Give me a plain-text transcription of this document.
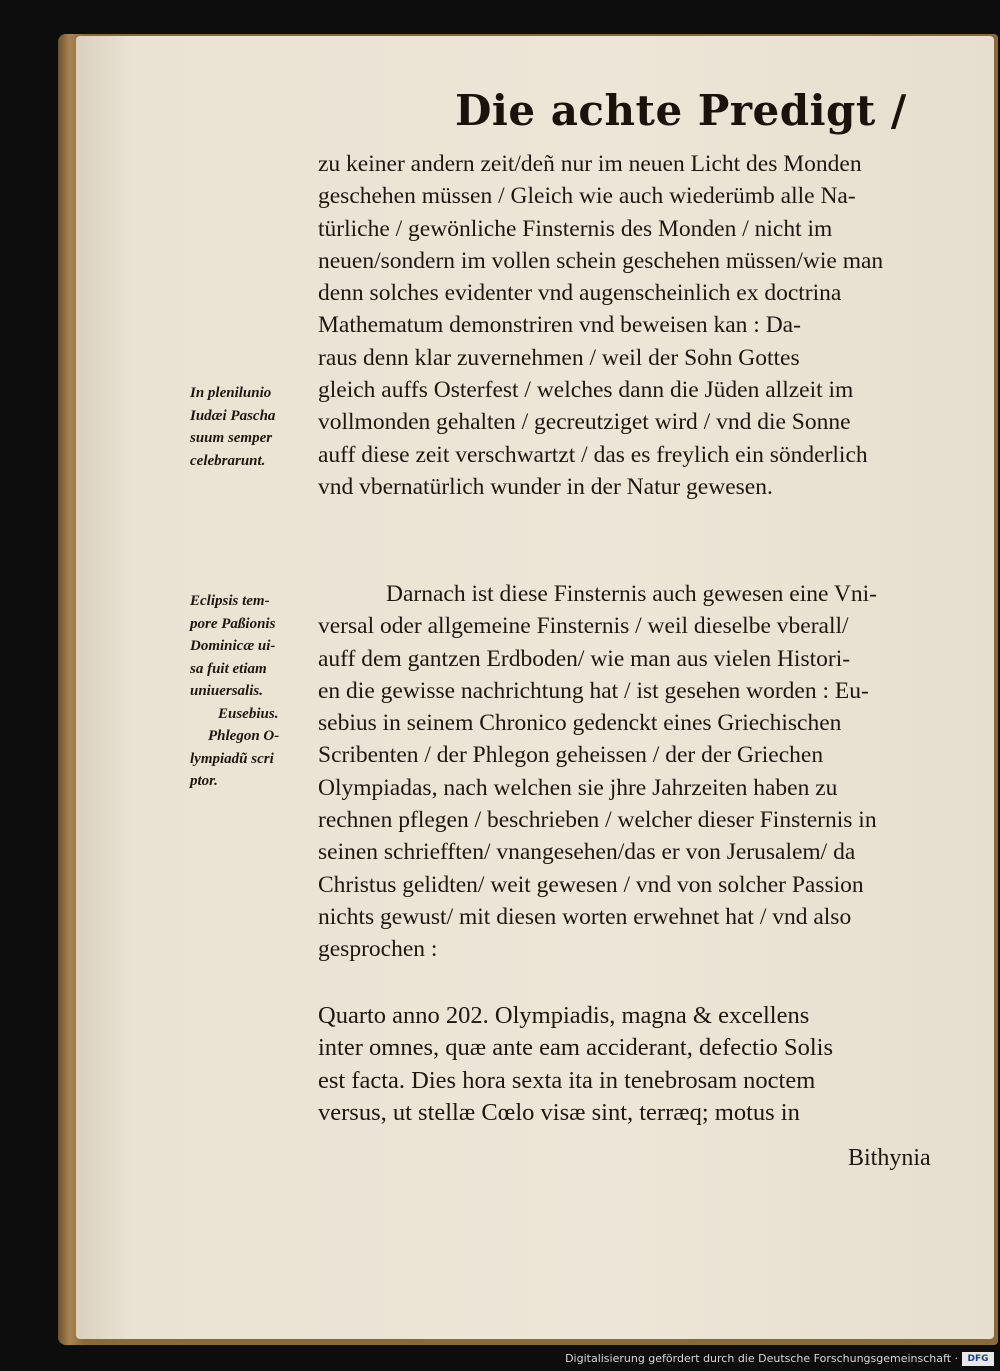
Die achte Predigt /
zu keiner andern zeit/deñ nur im neuen Licht des Monden
geschehen müssen / Gleich wie auch wiederümb alle Na-
türliche / gewönliche Finsternis des Monden / nicht im
neuen/sondern im vollen schein geschehen müssen/wie man
denn solches evidenter vnd augenscheinlich ex doctrina
Mathematum demonstriren vnd beweisen kan : Da-
raus denn klar zuvernehmen / weil der Sohn Gottes
gleich auffs Osterfest / welches dann die Jüden allzeit im
vollmonden gehalten / gecreutziget wird / vnd die Sonne
auff diese zeit verschwartzt / das es freylich ein sönderlich
vnd vbernatürlich wunder in der Natur gewesen.
In plenilunio
Iudæi Pascha
suum semper
celebrarunt.
Darnach ist diese Finsternis auch gewesen eine Vni-
versal oder allgemeine Finsternis / weil dieselbe vberall/
auff dem gantzen Erdboden/ wie man aus vielen Histori-
en die gewisse nachrichtung hat / ist gesehen worden : Eu-
sebius in seinem Chronico gedenckt eines Griechischen
Scribenten / der Phlegon geheissen / der der Griechen
Olympiadas, nach welchen sie jhre Jahrzeiten haben zu
rechnen pflegen / beschrieben / welcher dieser Finsternis in
seinen schriefften/ vnangesehen/das er von Jerusalem/ da
Christus gelidten/ weit gewesen / vnd von solcher Passion
nichts gewust/ mit diesen worten erwehnet hat / vnd also
gesprochen :
Eclipsis tem-
pore Paßionis
Dominicæ ui-
sa fuit etiam
uniuersalis.
Eusebius.
Phlegon O-
lympiadũ scri
ptor.
Quarto anno 202. Olympiadis, magna & excellens
inter omnes, quæ ante eam acciderant, defectio Solis
est facta. Dies hora sexta ita in tenebrosam noctem
versus, ut stellæ Cœlo visæ sint, terræq; motus in
Bithynia
Digitalisierung gefördert durch die Deutsche Forschungsgemeinschaft ·	DFG
